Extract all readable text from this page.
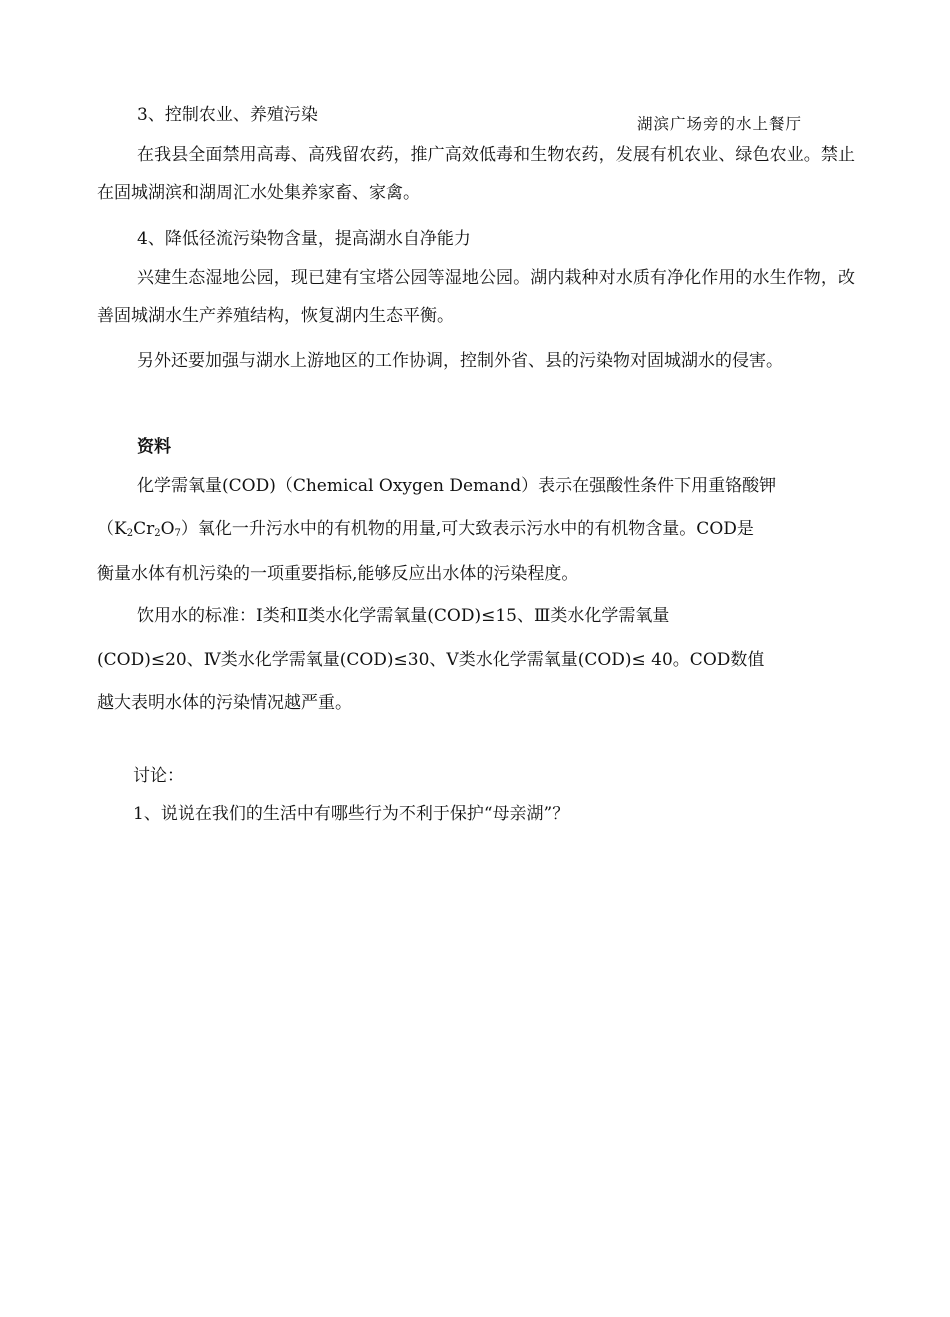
湖滨广场旁的水上餐厅
3、控制农业、养殖污染

在我县全面禁用高毒、高残留农药，推广高效低毒和生物农药，发展有机农业、绿色农业。禁止在固城湖滨和湖周汇水处集养家畜、家禽。

4、降低径流污染物含量，提高湖水自净能力

兴建生态湿地公园，现已建有宝塔公园等湿地公园。湖内栽种对水质有净化作用的水生作物，改善固城湖水生产养殖结构，恢复湖内生态平衡。

另外还要加强与湖水上游地区的工作协调，控制外省、县的污染物对固城湖水的侵害。

资料
化学需氧量(COD)（Chemical Oxygen Demand）表示在强酸性条件下用重铬酸钾
$(K_2Cr_2O_7)$氧化一升污水中的有机物的用量,可大致表示污水中的有机物含量。COD是
衡量水体有机污染的一项重要指标,能够反应出水体的污染程度。
饮用水的标准：Ⅰ类和Ⅱ类水化学需氧量(COD)≤15、Ⅲ类水化学需氧量
(COD)≤20、Ⅳ类水化学需氧量(COD)≤30、Ⅴ类水化学需氧量(COD)≤ 40。COD数值
越大表明水体的污染情况越严重。
讨论：
1、说说在我们的生活中有哪些行为不利于保护“母亲湖”？
